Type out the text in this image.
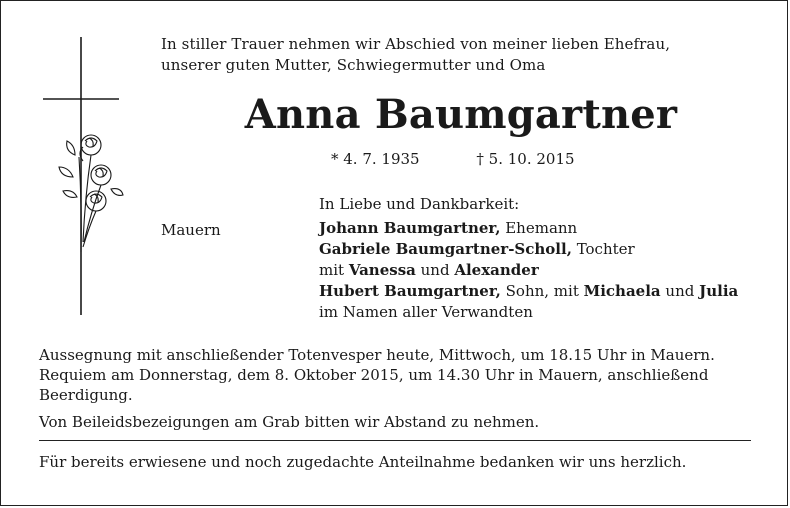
In stiller Trauer nehmen wir Abschied von meiner lieben Ehefrau,
unserer guten Mutter, Schwiegermutter und Oma
Anna Baumgartner
* 4. 7. 1935	† 5. 10. 2015
In Liebe und Dankbarkeit:
Mauern	Johann Baumgartner, Ehemann
Gabriele Baumgartner-Scholl, Tochter
mit Vanessa und Alexander
Hubert Baumgartner, Sohn, mit Michaela und Julia
im Namen aller Verwandten

Aussegnung mit anschließender Totenvesper heute, Mittwoch, um 18.15 Uhr in Mauern. Requiem am Donnerstag, dem 8. Oktober 2015, um 14.30 Uhr in Mauern, anschließend Beerdigung.

Von Beileidsbezeigungen am Grab bitten wir Abstand zu nehmen.

Für bereits erwiesene und noch zugedachte Anteilnahme bedanken wir uns herzlich.
